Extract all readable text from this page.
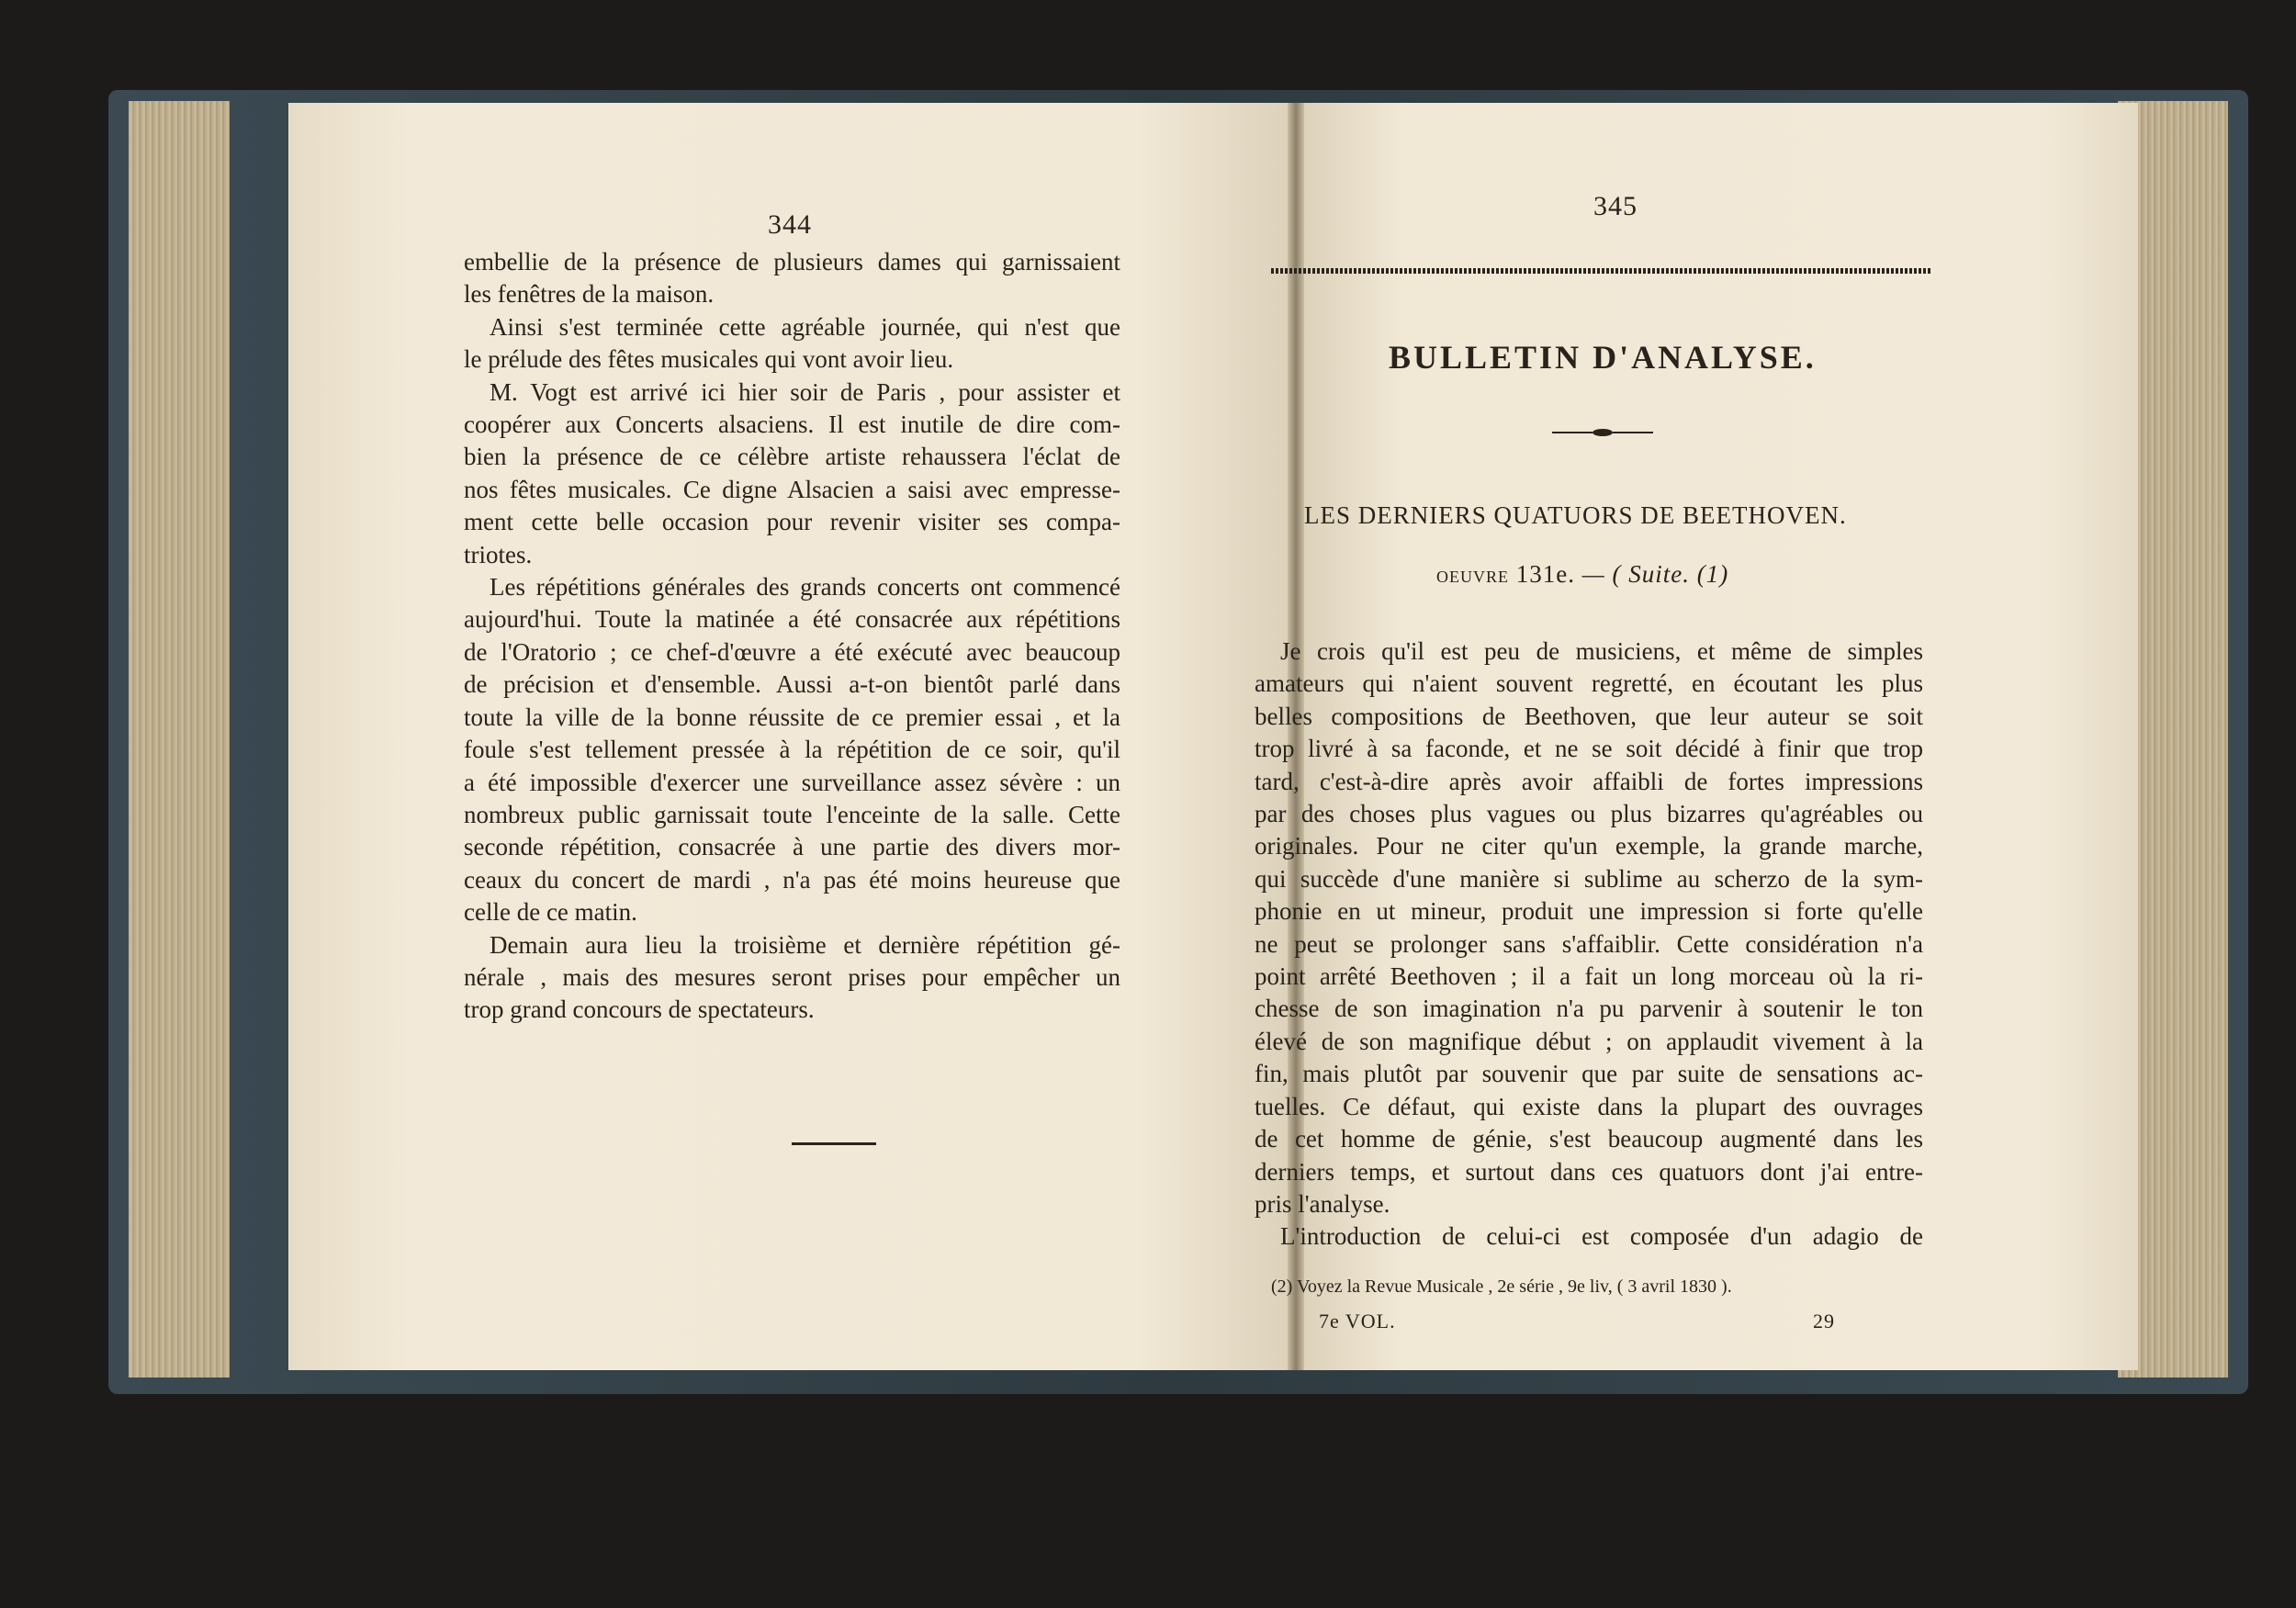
344
embellie de la présence de plusieurs dames qui garnissaient
les fenêtres de la maison.
Ainsi s'est terminée cette agréable journée, qui n'est que
le prélude des fêtes musicales qui vont avoir lieu.
M. Vogt est arrivé ici hier soir de Paris , pour assister et
coopérer aux Concerts alsaciens. Il est inutile de dire com-
bien la présence de ce célèbre artiste rehaussera l'éclat de
nos fêtes musicales. Ce digne Alsacien a saisi avec empresse-
ment cette belle occasion pour revenir visiter ses compa-
triotes.
Les répétitions générales des grands concerts ont commencé
aujourd'hui. Toute la matinée a été consacrée aux répétitions
de l'Oratorio ; ce chef-d'œuvre a été exécuté avec beaucoup
de précision et d'ensemble. Aussi a-t-on bientôt parlé dans
toute la ville de la bonne réussite de ce premier essai , et la
foule s'est tellement pressée à la répétition de ce soir, qu'il
a été impossible d'exercer une surveillance assez sévère : un
nombreux public garnissait toute l'enceinte de la salle. Cette
seconde répétition, consacrée à une partie des divers mor-
ceaux du concert de mardi , n'a pas été moins heureuse que
celle de ce matin.
Demain aura lieu la troisième et dernière répétition gé-
nérale , mais des mesures seront prises pour empêcher un
trop grand concours de spectateurs.
345
BULLETIN D'ANALYSE.
LES DERNIERS QUATUORS DE BEETHOVEN.
OEUVRE 131e. — ( Suite. (1)
Je crois qu'il est peu de musiciens, et même de simples
amateurs qui n'aient souvent regretté, en écoutant les plus
belles compositions de Beethoven, que leur auteur se soit
trop livré à sa faconde, et ne se soit décidé à finir que trop
tard, c'est-à-dire après avoir affaibli de fortes impressions
par des choses plus vagues ou plus bizarres qu'agréables ou
originales. Pour ne citer qu'un exemple, la grande marche,
qui succède d'une manière si sublime au scherzo de la sym-
phonie en ut mineur, produit une impression si forte qu'elle
ne peut se prolonger sans s'affaiblir. Cette considération n'a
point arrêté Beethoven ; il a fait un long morceau où la ri-
chesse de son imagination n'a pu parvenir à soutenir le ton
élevé de son magnifique début ; on applaudit vivement à la
fin, mais plutôt par souvenir que par suite de sensations ac-
tuelles. Ce défaut, qui existe dans la plupart des ouvrages
de cet homme de génie, s'est beaucoup augmenté dans les
derniers temps, et surtout dans ces quatuors dont j'ai entre-
pris l'analyse.
L'introduction de celui-ci est composée d'un adagio de
(2) Voyez la Revue Musicale , 2e série , 9e liv, ( 3 avril 1830 ).
7e VOL.	29
